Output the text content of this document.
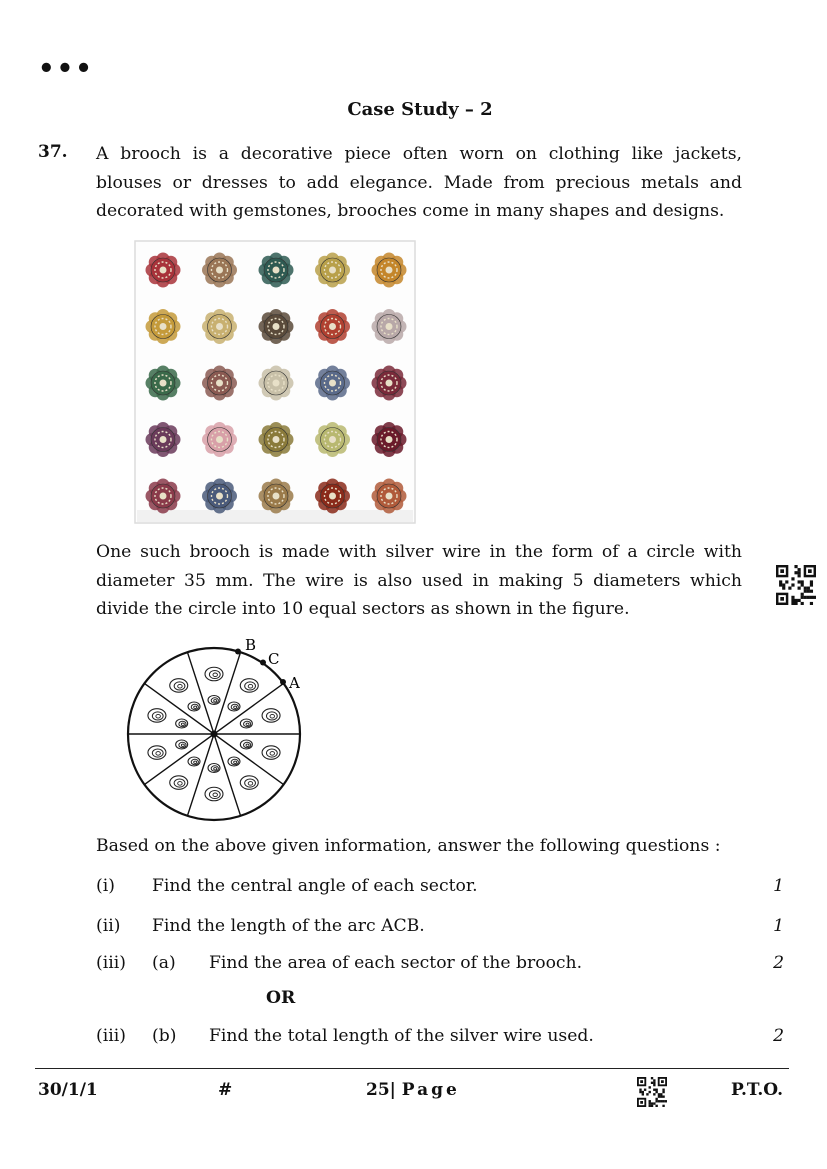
•••
Case Study – 2
37. A brooch is a decorative piece often worn on clothing like jackets, blouses or dresses to add elegance. Made from precious metals and decorated with gemstones, brooches come in many shapes and designs.
One such brooch is made with silver wire in the form of a circle with diameter 35 mm. The wire is also used in making 5 diameters which divide the circle into 10 equal sectors as shown in the figure.
B
C
A
Based on the above given information, answer the following questions :
(i) Find the central angle of each sector.	1
(ii) Find the length of the arc ACB.	1
(iii) (a) Find the area of each sector of the brooch.	2
OR
(iii) (b) Find the total length of the silver wire used.	2
30/1/1	#	25| Page	P.T.O.
